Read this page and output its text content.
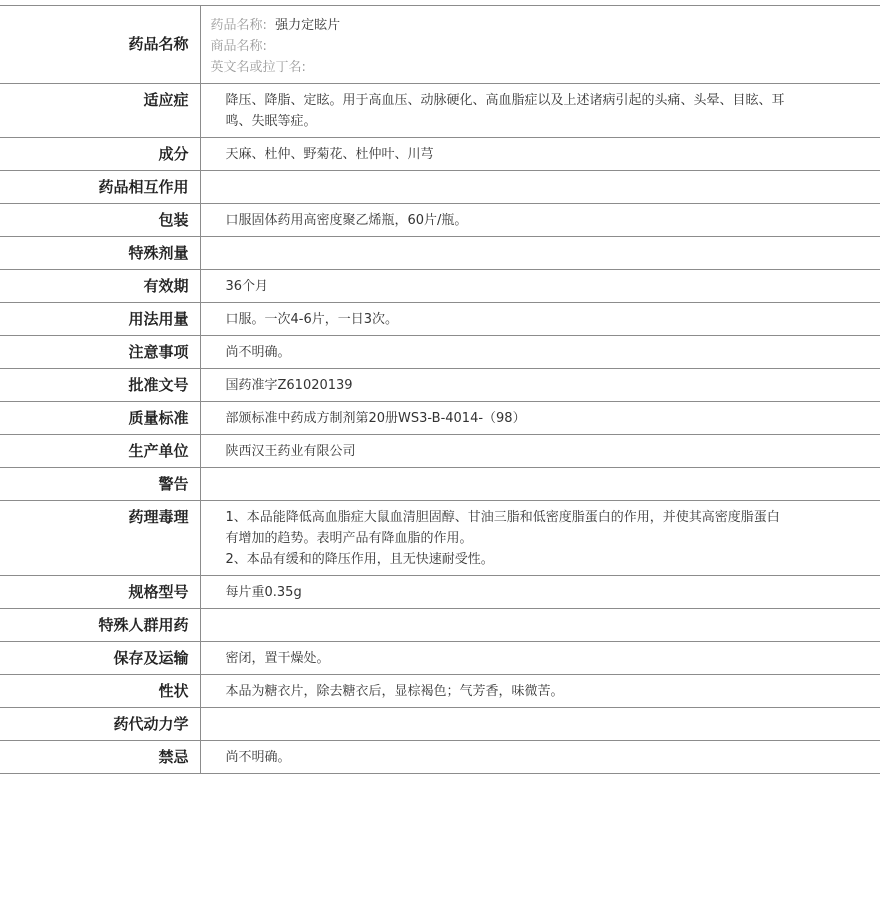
药品名称	药品名称: 强力定眩片
商品名称:
英文名或拉丁名:

适应症	降压、降脂、定眩。用于高血压、动脉硬化、高血脂症以及上述诸病引起的头痛、头晕、目眩、耳鸣、失眠等症。

成分	天麻、杜仲、野菊花、杜仲叶、川芎

药品相互作用	

包装	口服固体药用高密度聚乙烯瓶，60片/瓶。

特殊剂量	

有效期	36个月

用法用量	口服。一次4-6片，一日3次。

注意事项	尚不明确。

批准文号	国药准字Z61020139

质量标准	部颁标准中药成方制剂第20册WS3-B-4014-（98）

生产单位	陕西汉王药业有限公司

警告	

药理毒理	1、本品能降低高血脂症大鼠血清胆固醇、甘油三脂和低密度脂蛋白的作用，并使其高密度脂蛋白有增加的趋势。表明产品有降血脂的作用。
2、本品有缓和的降压作用，且无快速耐受性。

规格型号	每片重0.35g

特殊人群用药	

保存及运输	密闭，置干燥处。

性状	本品为糖衣片，除去糖衣后，显棕褐色；气芳香，味微苦。

药代动力学	

禁忌	尚不明确。
